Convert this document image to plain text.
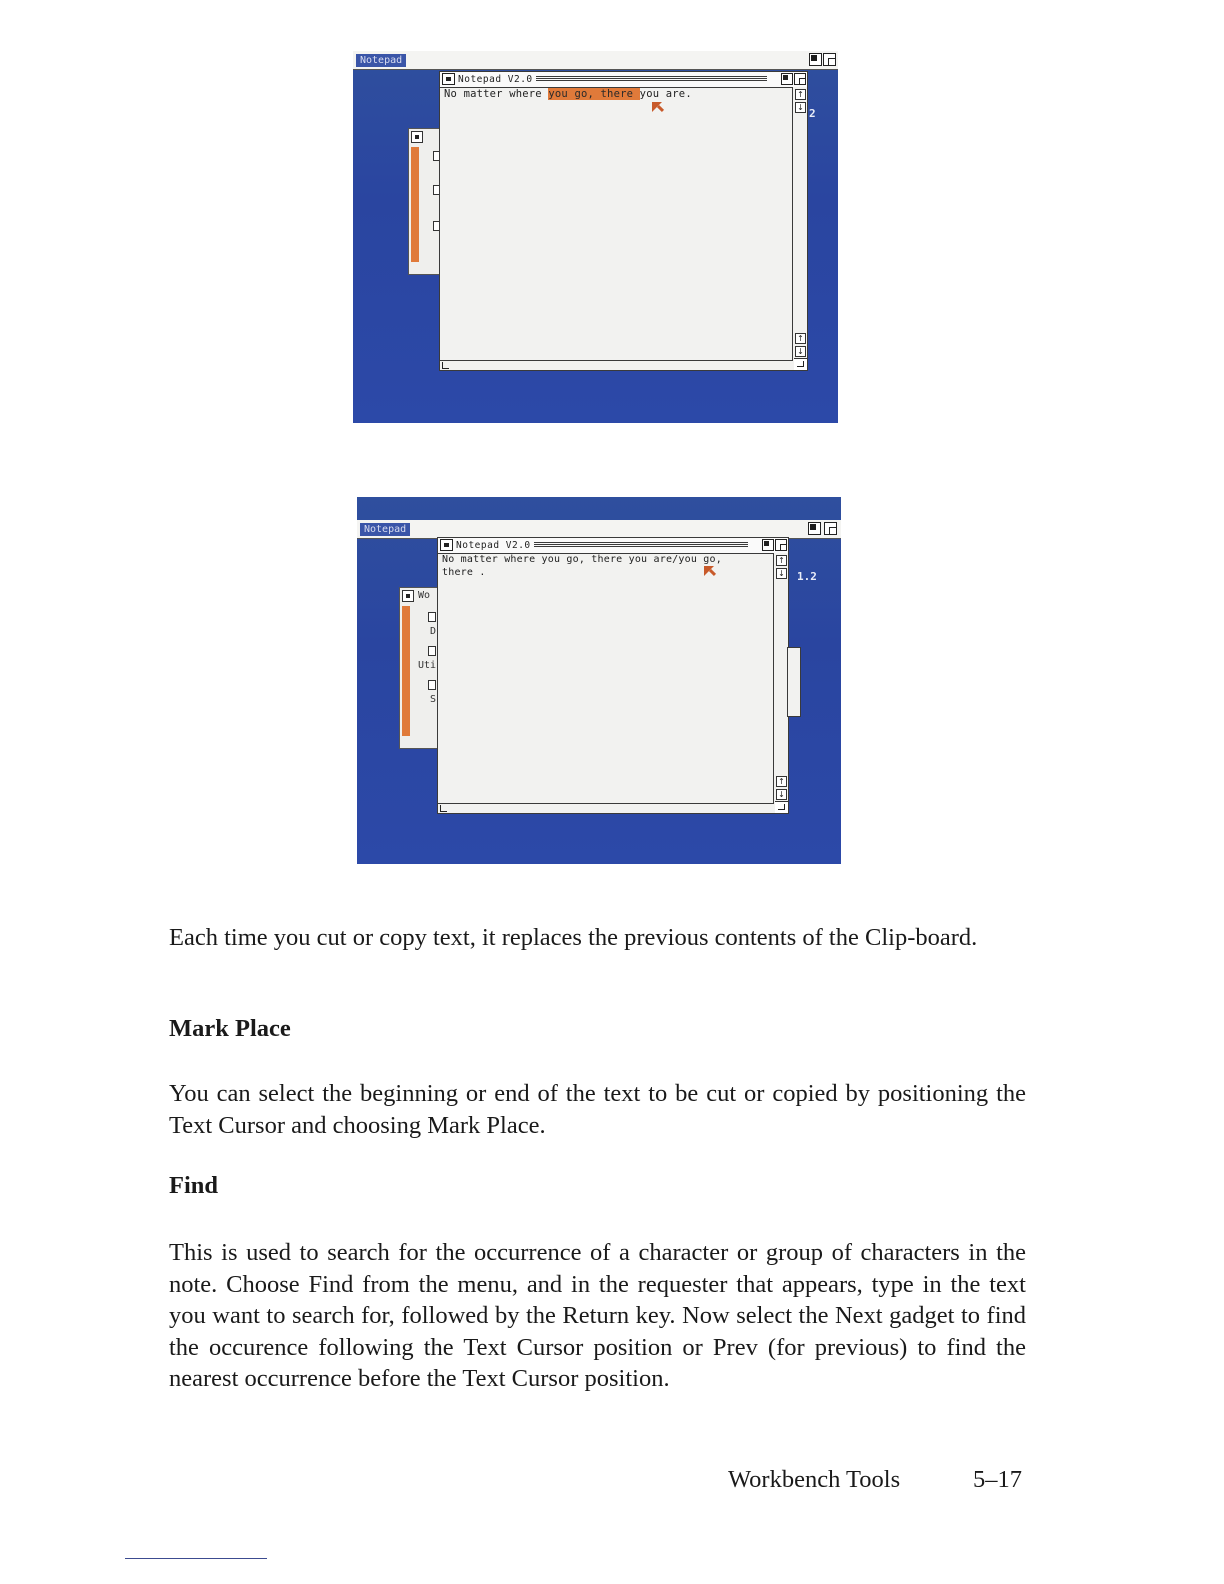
Notepad
Notepad V2.0
No matter where you go, there you are.	↑
↓
↑
↓
2
Notepad
Wo
D
Uti
S
Notepad V2.0
No matter where you go, there you are/you go,
there .
↑
↓
↑
↓
1.2

Each time you cut or copy text, it replaces the previous contents of the Clip-board.

Mark Place

You can select the beginning or end of the text to be cut or copied by positioning the Text Cursor and choosing Mark Place.

Find

This is used to search for the occurrence of a character or group of characters in the note. Choose Find from the menu, and in the requester that appears, type in the text you want to search for, followed by the Return key. Now select the Next gadget to find the occurence following the Text Cursor position or Prev (for previous) to find the nearest occurrence before the Text Cursor position.

Workbench Tools	5–17
